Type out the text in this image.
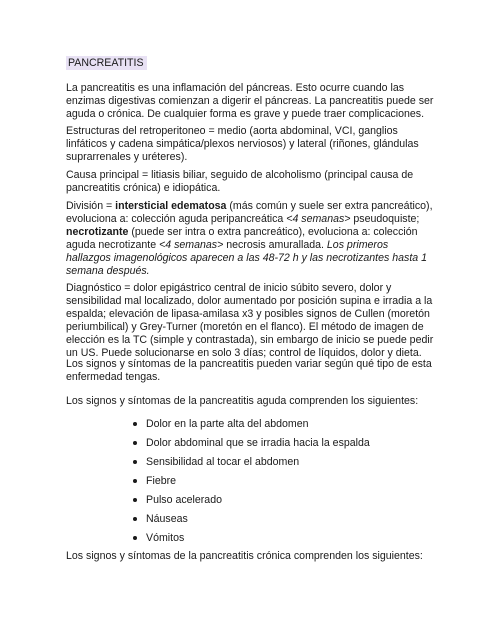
PANCREATITIS

La pancreatitis es una inflamación del páncreas. Esto ocurre cuando las enzimas digestivas comienzan a digerir el páncreas. La pancreatitis puede ser aguda o crónica. De cualquier forma es grave y puede traer complicaciones.

Estructuras del retroperitoneo = medio (aorta abdominal, VCI, ganglios linfáticos y cadena simpática/plexos nerviosos) y lateral (riñones, glándulas suprarrenales y uréteres).

Causa principal = litiasis biliar, seguido de alcoholismo (principal causa de pancreatitis crónica) e idiopática.

División = intersticial edematosa (más común y suele ser extra pancreático), evoluciona a: colección aguda peripancreática <4 semanas> pseudoquiste; necrotizante (puede ser intra o extra pancreático), evoluciona a: colección aguda necrotizante <4 semanas> necrosis amurallada. Los primeros hallazgos imagenológicos aparecen a las 48-72 h y las necrotizantes hasta 1 semana después.

Diagnóstico = dolor epigástrico central de inicio súbito severo, dolor y sensibilidad mal localizado, dolor aumentado por posición supina e irradia a la espalda; elevación de lipasa-amilasa x3 y posibles signos de Cullen (moretón periumbilical) y Grey-Turner (moretón en el flanco). El método de imagen de elección es la TC (simple y contrastada), sin embargo de inicio se puede pedir un US. Puede solucionarse en solo 3 días; control de líquidos, dolor y dieta.

Los signos y síntomas de la pancreatitis pueden variar según qué tipo de esta enfermedad tengas.

Los signos y síntomas de la pancreatitis aguda comprenden los siguientes:

Dolor en la parte alta del abdomen
Dolor abdominal que se irradia hacia la espalda
Sensibilidad al tocar el abdomen
Fiebre
Pulso acelerado
Náuseas
Vómitos

Los signos y síntomas de la pancreatitis crónica comprenden los siguientes:
